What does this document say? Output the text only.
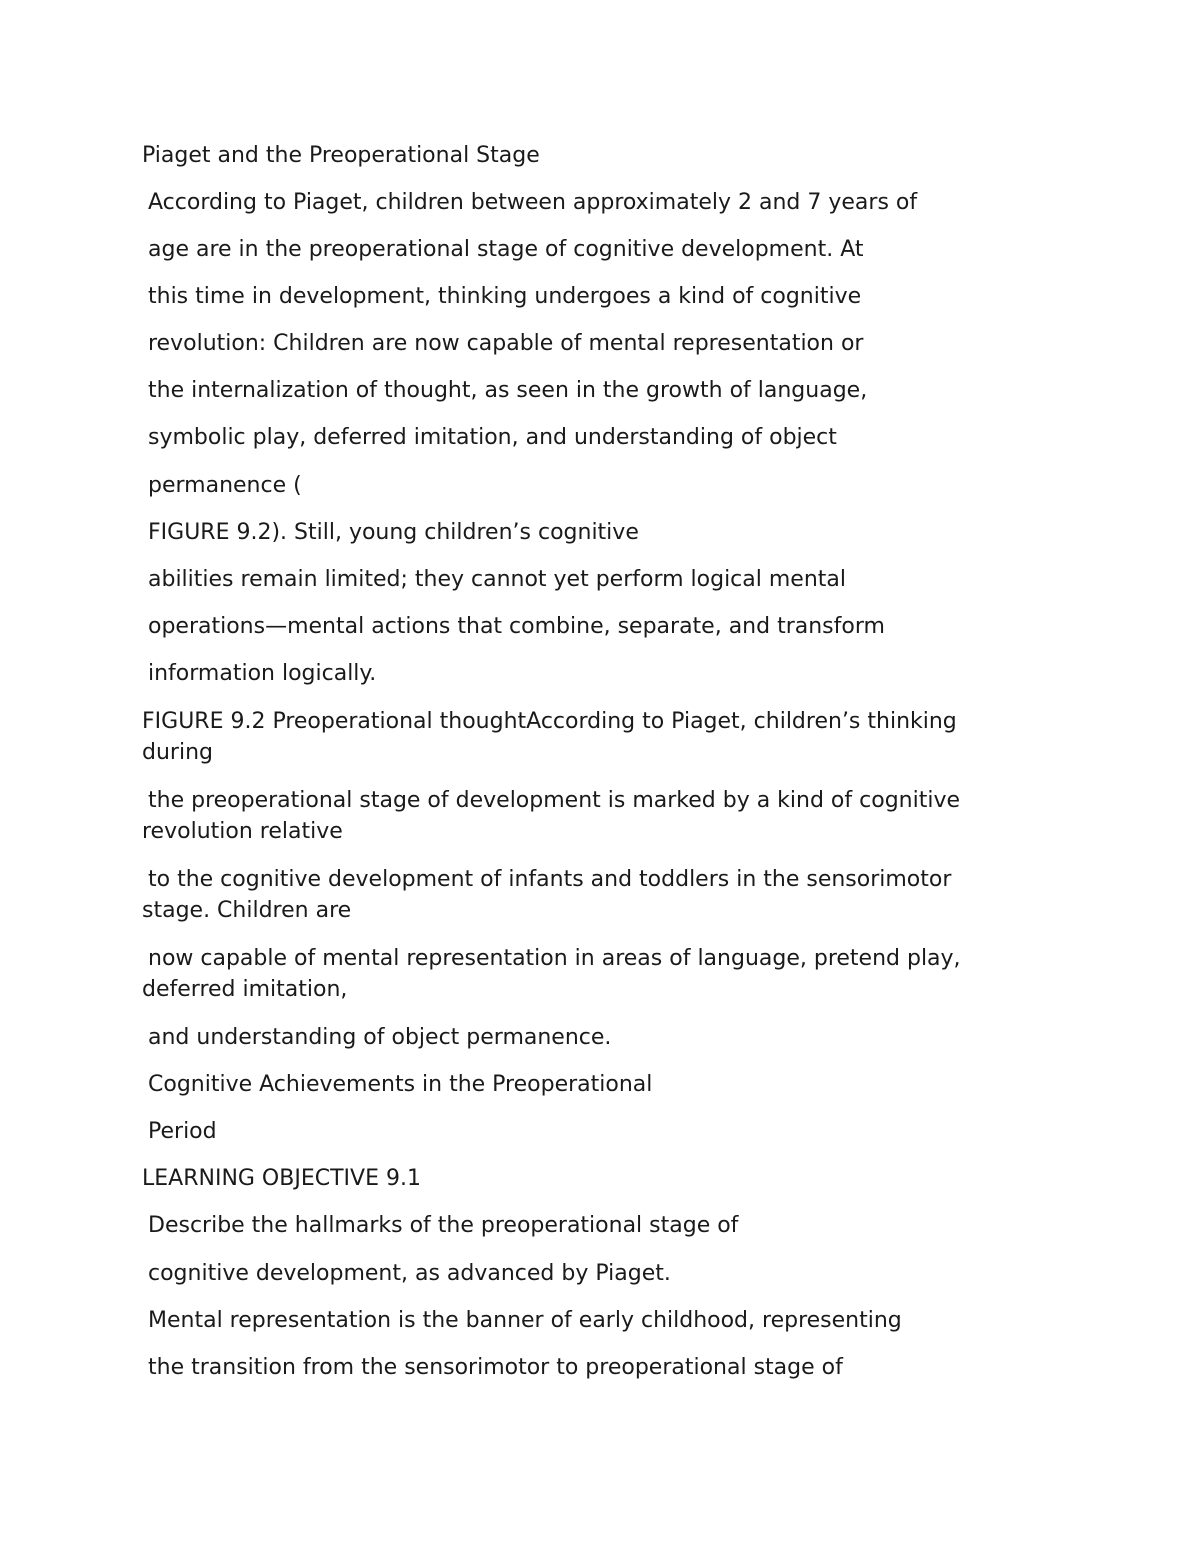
Piaget and the Preoperational Stage
According to Piaget, children between approximately 2 and 7 years of
age are in the preoperational stage of cognitive development. At
this time in development, thinking undergoes a kind of cognitive
revolution: Children are now capable of mental representation or
the internalization of thought, as seen in the growth of language,
symbolic play, deferred imitation, and understanding of object
permanence (
FIGURE 9.2). Still, young children’s cognitive
abilities remain limited; they cannot yet perform logical mental
operations—mental actions that combine, separate, and transform
information logically.
FIGURE 9.2 Preoperational thoughtAccording to Piaget, children’s thinking
during
the preoperational stage of development is marked by a kind of cognitive
revolution relative
to the cognitive development of infants and toddlers in the sensorimotor
stage. Children are
now capable of mental representation in areas of language, pretend play,
deferred imitation,
and understanding of object permanence.
Cognitive Achievements in the Preoperational
Period
LEARNING OBJECTIVE 9.1
Describe the hallmarks of the preoperational stage of
cognitive development, as advanced by Piaget.
Mental representation is the banner of early childhood, representing
the transition from the sensorimotor to preoperational stage of
